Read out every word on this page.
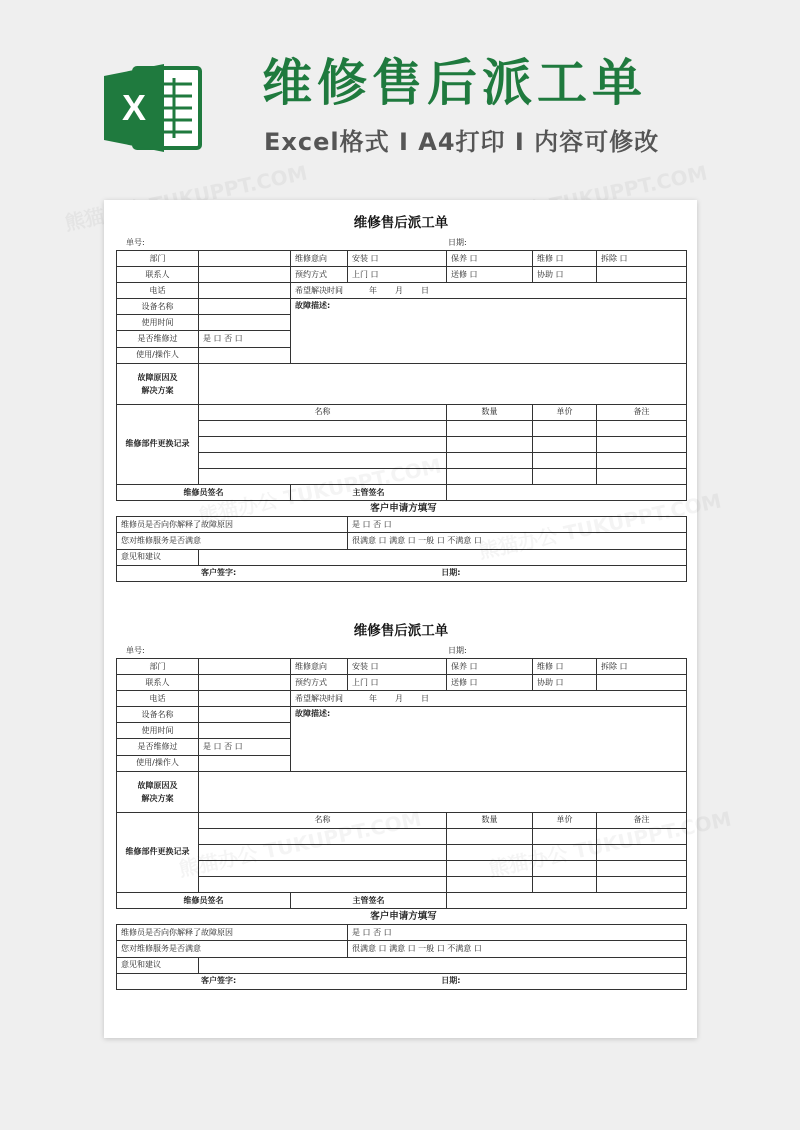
X 维修售后派工单
Excel格式 I A4打印 I 内容可修改
维修售后派工单
单号:	日期:
部门		维修意向	安装 口	保养 口	维修 口	拆除 口
联系人		预约方式	上门 口	送修 口	协助 口	
电话		希望解决时间 年 月 日				
设备名称		故障描述:				
使用时间						
是否维修过	是 口 否 口					
使用/操作人						
故障原因及
解决方案						
维修部件更换记录	名称			数量	单价	备注

维修员签名		主管签名				
客户申请方填写						
维修员是否向你解释了故障原因			是 口 否 口			
您对维修服务是否满意			很满意 口 满意 口 一般 口 不满意 口			
意见和建议						
客户签字: 日期:						
维修售后派工单
单号:	日期:
部门		维修意向	安装 口	保养 口	维修 口	拆除 口
联系人		预约方式	上门 口	送修 口	协助 口	
电话		希望解决时间 年 月 日				
设备名称		故障描述:				
使用时间						
是否维修过	是 口 否 口					
使用/操作人						
故障原因及
解决方案						
维修部件更换记录	名称			数量	单价	备注

维修员签名		主管签名				
客户申请方填写						
维修员是否向你解释了故障原因			是 口 否 口			
您对维修服务是否满意			很满意 口 满意 口 一般 口 不满意 口			
意见和建议						
客户签字: 日期:						
